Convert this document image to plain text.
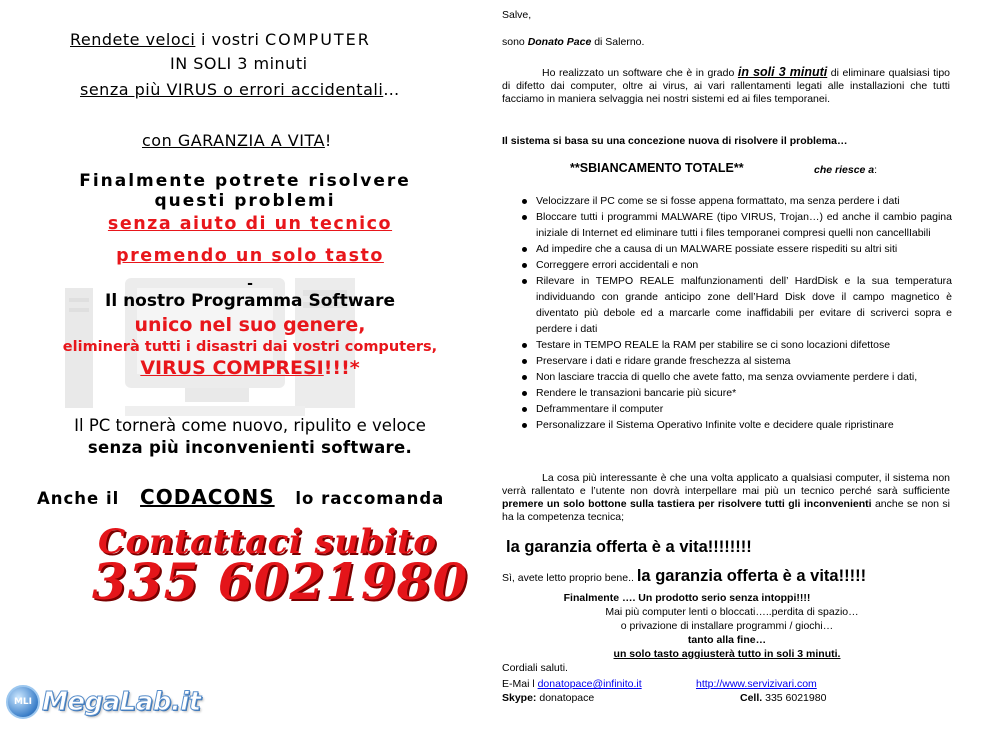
Rendete veloci i vostri COMPUTER
IN SOLI 3 minuti
senza più VIRUS o errori accidentali…
con GARANZIA A VITA!
Finalmente potrete risolvere
questi problemi
senza aiuto di un tecnico
premendo un solo tasto
-
Il nostro Programma Software
unico nel suo genere,
eliminerà tutti i disastri dai vostri computers,
VIRUS COMPRESI!!!*
Il PC tornerà come nuovo, ripulito e veloce
senza più inconvenienti software.
Anche il CODACONS lo raccomanda
Contattaci subito
335 6021980
MLI MegaLab.it

Salve,

sono Donato Pace di Salerno.

Ho realizzato un software che è in grado in soli 3 minuti di eliminare qualsiasi tipo di difetto dai computer, oltre ai virus, ai vari rallentamenti legati alle installazioni che tutti facciamo in maniera selvaggia nei nostri sistemi ed ai files temporanei.

Il sistema si basa su una concezione nuova di risolvere il problema…

**SBIANCAMENTO TOTALE**	che riesce a:

Velocizzare il PC come se si fosse appena formattato, ma senza perdere i dati
Bloccare tutti i programmi MALWARE (tipo VIRUS, Trojan…) ed anche il cambio pagina iniziale di Internet ed eliminare tutti i files temporanei compresi quelli non cancellIabili
Ad impedire che a causa di un MALWARE possiate essere rispediti su altri siti
Correggere errori accidentali e non
Rilevare in TEMPO REALE malfunzionamenti dell’ HardDisk e la sua temperatura individuando con grande anticipo zone dell’Hard Disk dove il campo magnetico è diventato più debole ed a marcarle come inaffidabili per evitare di scriverci sopra e perdere i dati
Testare in TEMPO REALE la RAM per stabilire se ci sono locazioni difettose
Preservare i dati e ridare grande freschezza al sistema
Non lasciare traccia di quello che avete fatto, ma senza ovviamente perdere i dati,
Rendere le transazioni bancarie più sicure*
Deframmentare il computer
Personalizzare il Sistema Operativo Infinite volte e decidere quale ripristinare

La cosa più interessante è che una volta applicato a qualsiasi computer, il sistema non verrà rallentato e l’utente non dovrà interpellare mai più un tecnico perché sarà sufficiente premere un solo bottone sulla tastiera per risolvere tutti gli inconvenienti anche se non si ha la competenza tecnica;

la garanzia offerta è a vita!!!!!!!!

Sì, avete letto proprio bene.. la garanzia offerta è a vita!!!!!

Finalmente …. Un prodotto serio senza intoppi!!!!

Mai più computer lenti o bloccati…..perdita di spazio…

o privazione di installare programmi / giochi…

tanto alla fine…

un solo tasto aggiusterà tutto in soli 3 minuti.

Cordiali saluti.

E-Mai l donatopace@infinito.it	http://www.servizivari.com

Skype: donatopace	Cell. 335 6021980
